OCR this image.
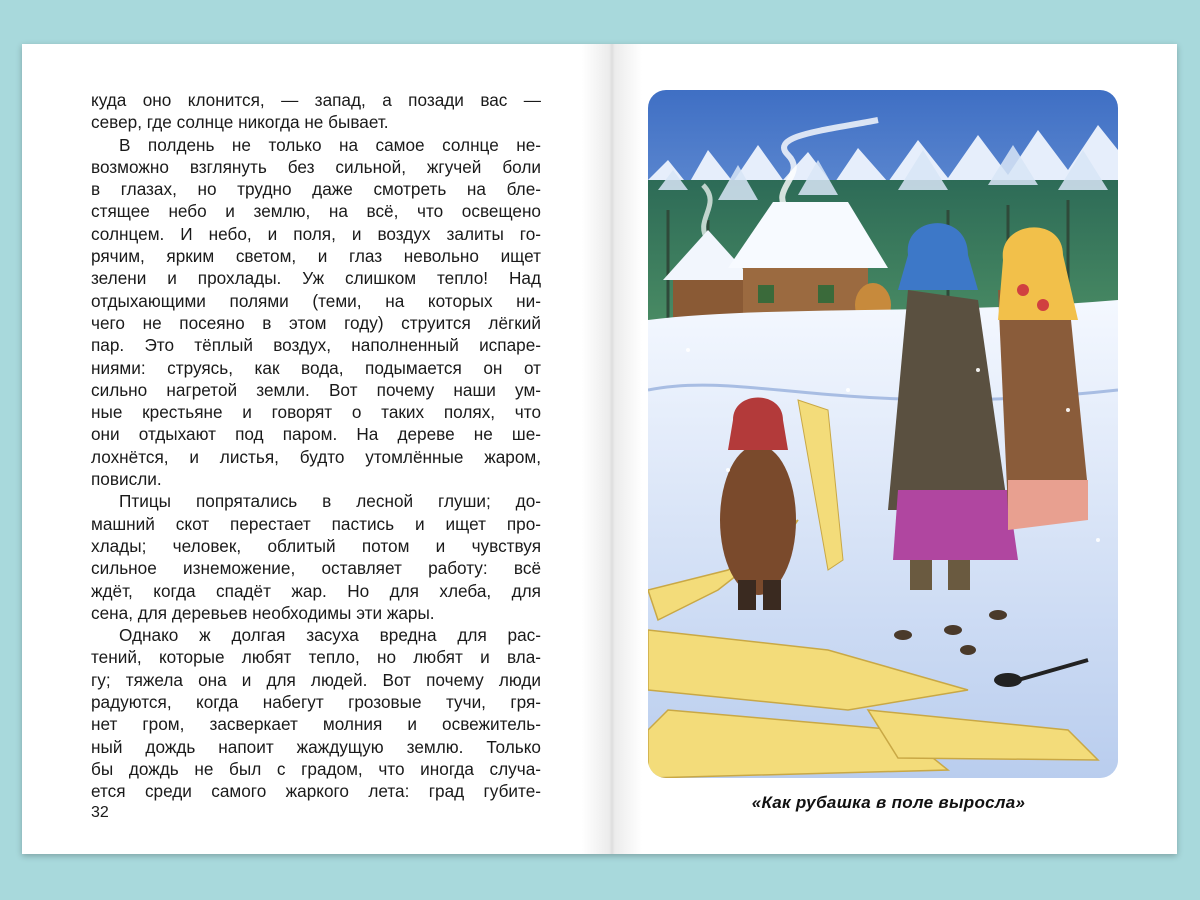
куда оно клонится, — запад, а позади вас —
север, где солнце никогда не бывает.
В полдень не только на самое солнце не-
возможно взглянуть без сильной, жгучей боли
в глазах, но трудно даже смотреть на бле-
стящее небо и землю, на всё, что освещено
солнцем. И небо, и поля, и воздух залиты го-
рячим, ярким светом, и глаз невольно ищет
зелени и прохлады. Уж слишком тепло! Над
отдыхающими полями (теми, на которых ни-
чего не посеяно в этом году) струится лёгкий
пар. Это тёплый воздух, наполненный испаре-
ниями: струясь, как вода, подымается он от
сильно нагретой земли. Вот почему наши ум-
ные крестьяне и говорят о таких полях, что
они отдыхают под паром. На дереве не ше-
лохнётся, и листья, будто утомлённые жаром,
повисли.
Птицы попрятались в лесной глуши; до-
машний скот перестает пастись и ищет про-
хлады; человек, облитый потом и чувствуя
сильное изнеможение, оставляет работу: всё
ждёт, когда спадёт жар. Но для хлеба, для
сена, для деревьев необходимы эти жары.
Однако ж долгая засуха вредна для рас-
тений, которые любят тепло, но любят и вла-
гу; тяжела она и для людей. Вот почему люди
радуются, когда набегут грозовые тучи, гря-
нет гром, засверкает молния и освежитель-
ный дождь напоит жаждущую землю. Только
бы дождь не был с градом, что иногда случа-
ется среди самого жаркого лета: град губите-
32
«Как рубашка в поле выросла»
